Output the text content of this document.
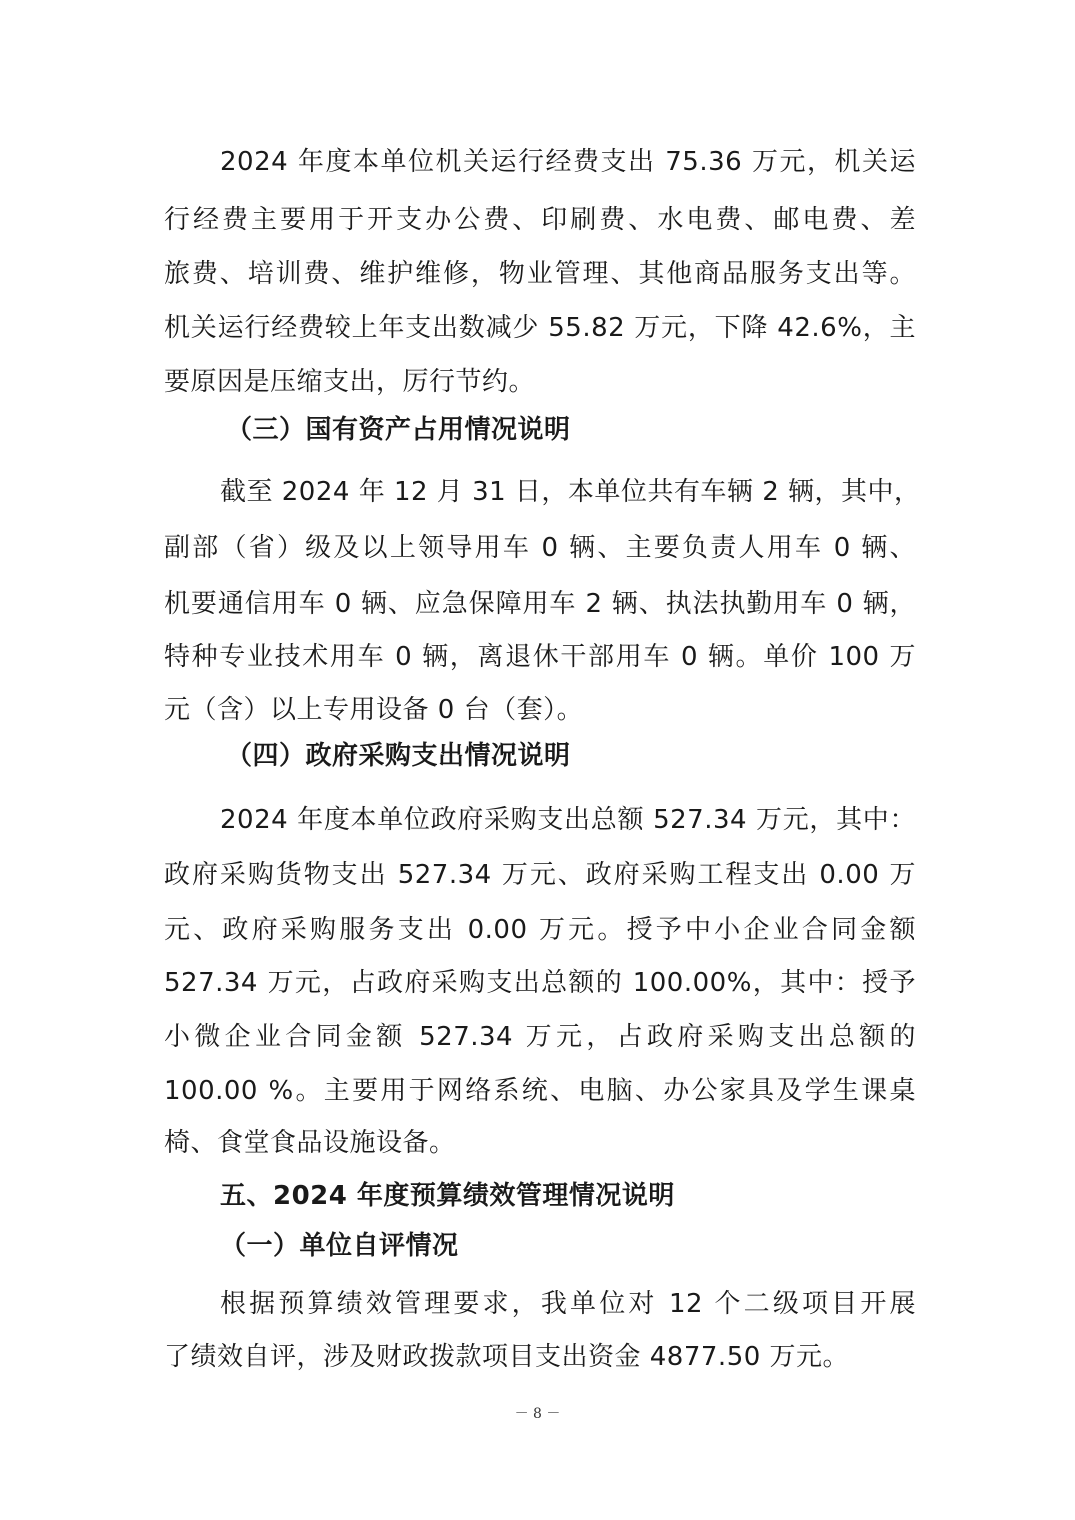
2024 年度本单位机关运行经费支出 75.36 万元，机关运

行经费主要用于开支办公费、印刷费、水电费、邮电费、差

旅费、培训费、维护维修，物业管理、其他商品服务支出等。

机关运行经费较上年支出数减少 55.82 万元，下降 42.6%，主

要原因是压缩支出，厉行节约。

（三）国有资产占用情况说明

截至 2024 年 12 月 31 日，本单位共有车辆 2 辆，其中，

副部（省）级及以上领导用车 0 辆、主要负责人用车 0 辆、

机要通信用车 0 辆、应急保障用车 2 辆、执法执勤用车 0 辆，

特种专业技术用车 0 辆，离退休干部用车 0 辆。单价 100 万

元（含）以上专用设备 0 台（套）。

（四）政府采购支出情况说明

2024 年度本单位政府采购支出总额 527.34 万元，其中：

政府采购货物支出 527.34 万元、政府采购工程支出 0.00 万

元、政府采购服务支出 0.00 万元。授予中小企业合同金额

527.34 万元，占政府采购支出总额的 100.00%，其中：授予

小微企业合同金额 527.34 万元，占政府采购支出总额的

100.00 %。主要用于网络系统、电脑、办公家具及学生课桌

椅、食堂食品设施设备。

五、2024 年度预算绩效管理情况说明

（一）单位自评情况

根据预算绩效管理要求，我单位对 12 个二级项目开展

了绩效自评，涉及财政拨款项目支出资金 4877.50 万元。

－ 8 －
